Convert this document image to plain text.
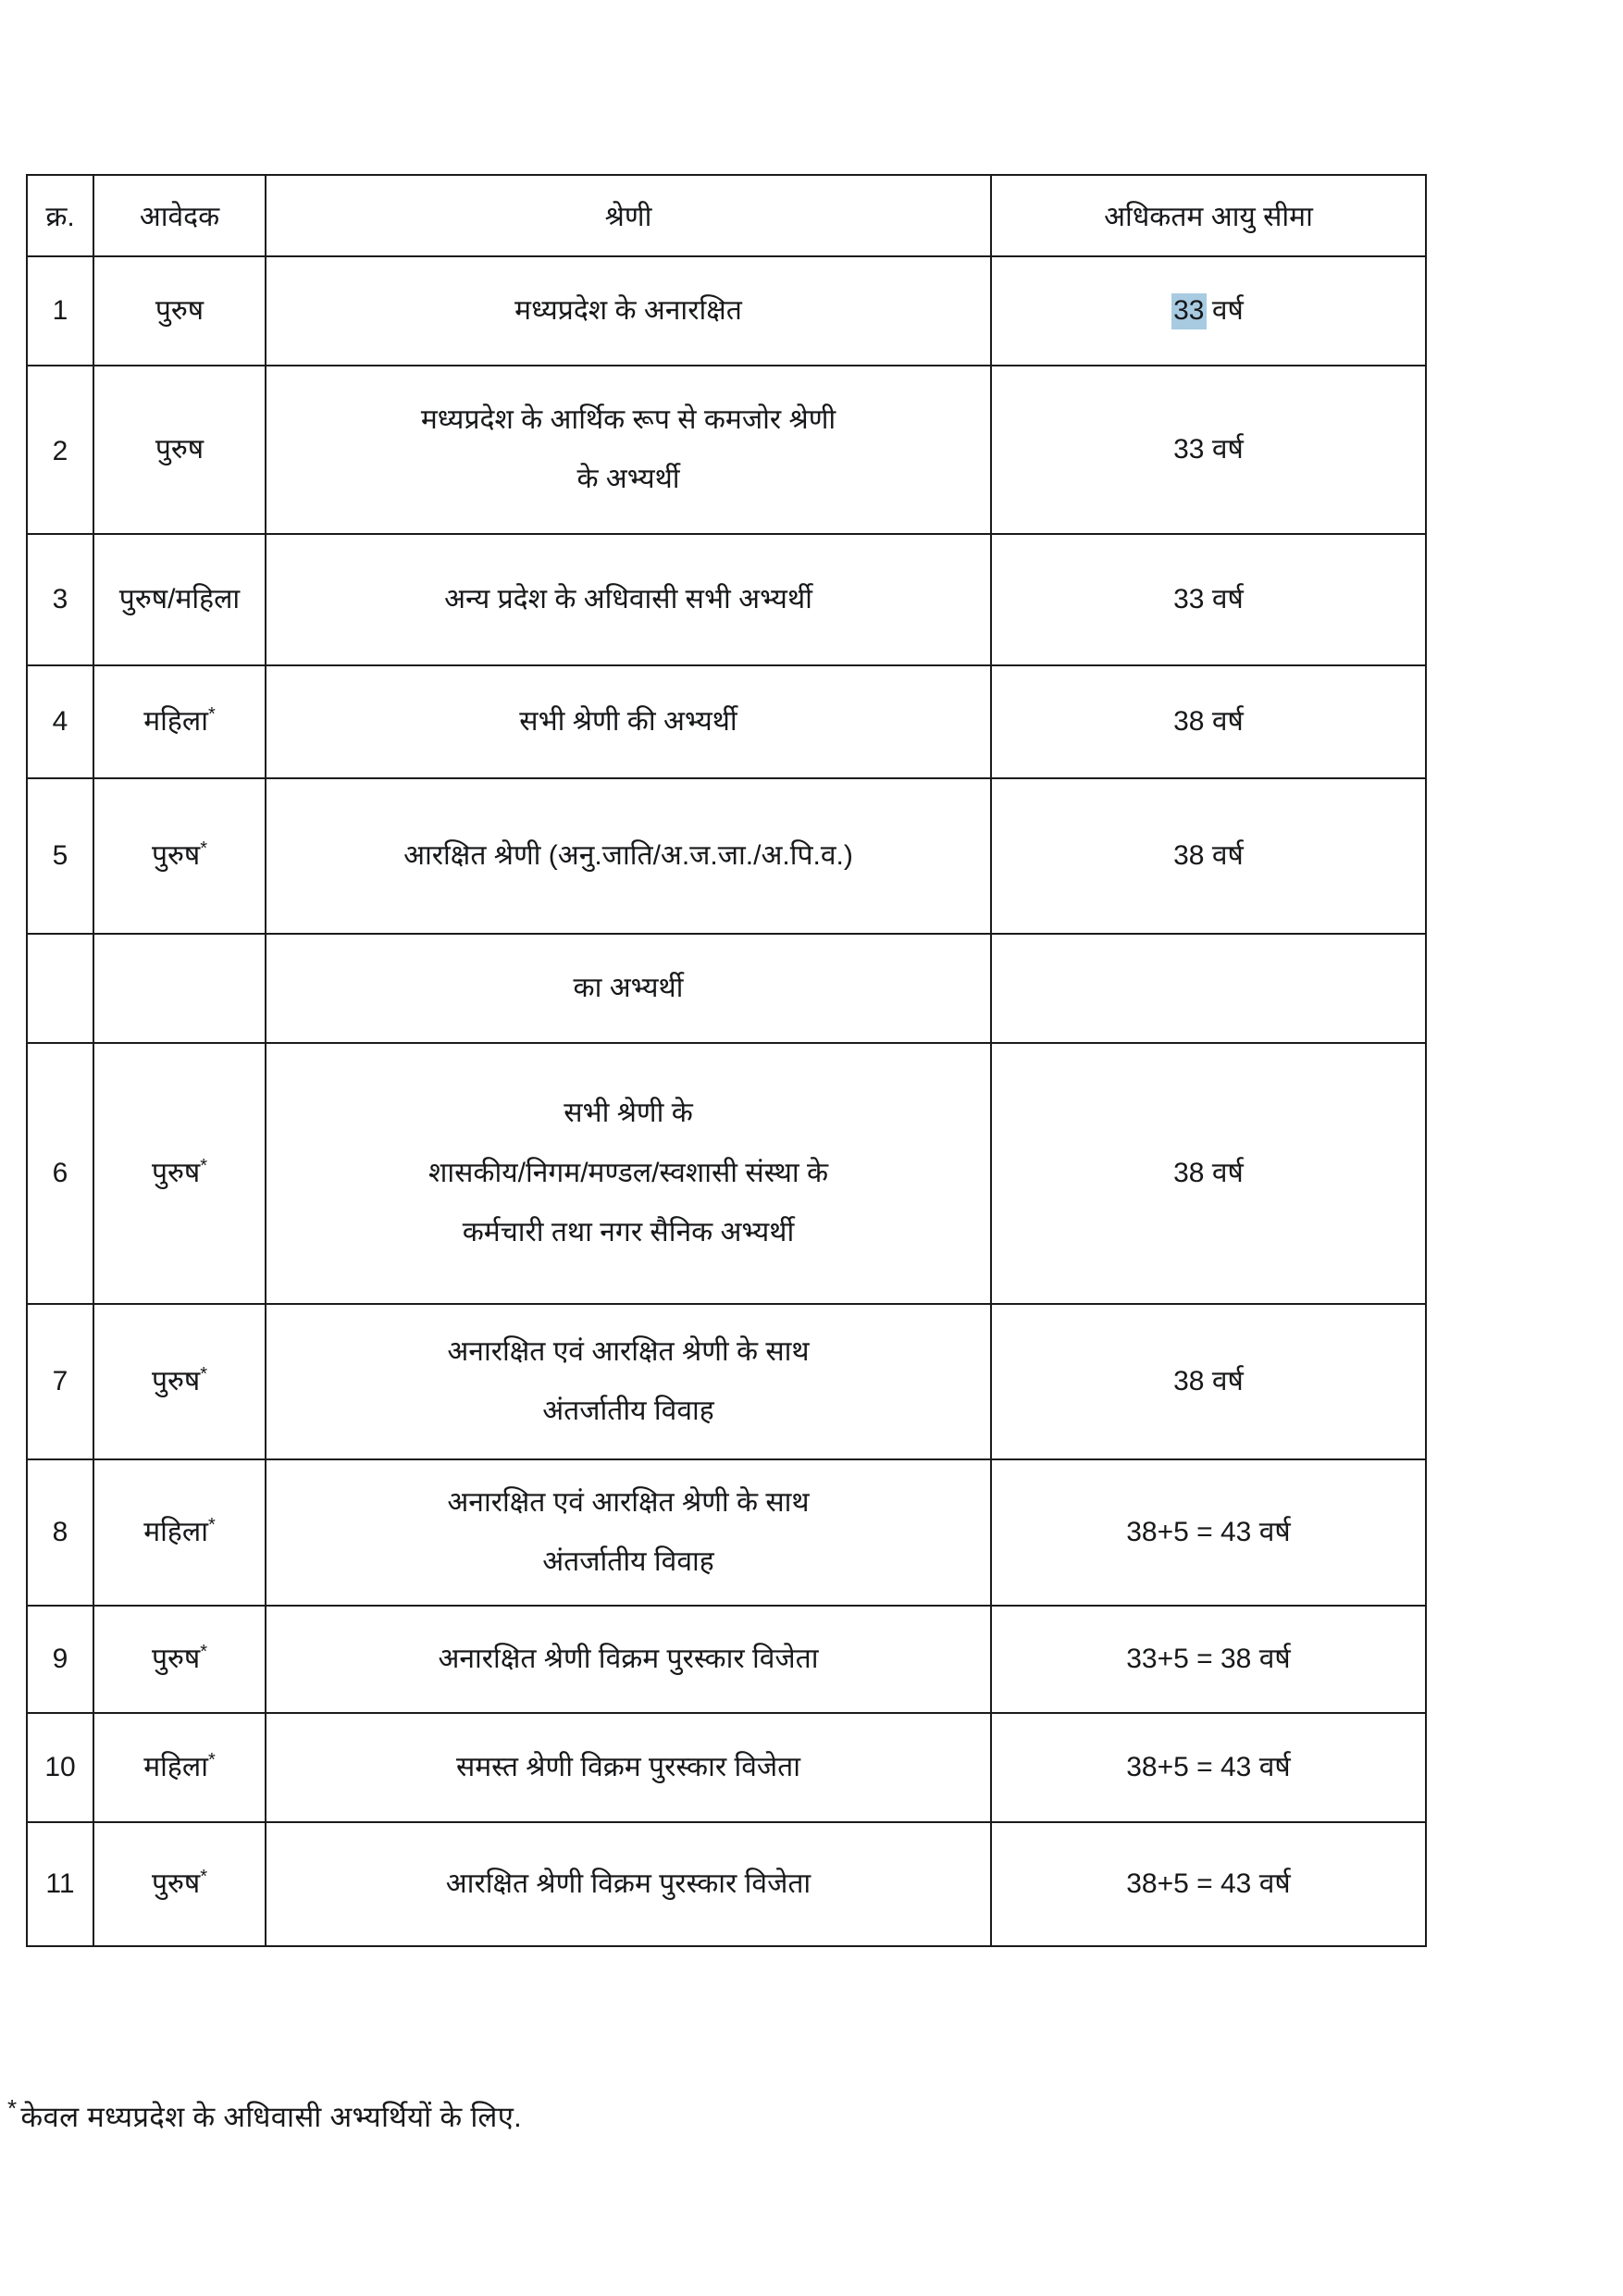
क्र.	आवेदक	श्रेणी	अधिकतम आयु सीमा

1	पुरुष	मध्यप्रदेश के अनारक्षित	33 वर्ष

2	पुरुष	मध्यप्रदेश के आर्थिक रूप से कमजोर श्रेणी
के अभ्यर्थी	33 वर्ष

3	पुरुष/महिला	अन्य प्रदेश के अधिवासी सभी अभ्यर्थी	33 वर्ष

4	महिला*	सभी श्रेणी की अभ्यर्थी	38 वर्ष

5	पुरुष*	आरक्षित श्रेणी (अनु.जाति/अ.ज.जा./अ.पि.व.)	38 वर्ष

		का अभ्यर्थी	

6	पुरुष*	सभी श्रेणी के
शासकीय/निगम/मण्डल/स्वशासी संस्था के
कर्मचारी तथा नगर सैनिक अभ्यर्थी	38 वर्ष

7	पुरुष*	अनारक्षित एवं आरक्षित श्रेणी के साथ
अंतर्जातीय विवाह	38 वर्ष

8	महिला*	अनारक्षित एवं आरक्षित श्रेणी के साथ
अंतर्जातीय विवाह	38+5 = 43 वर्ष

9	पुरुष*	अनारक्षित श्रेणी विक्रम पुरस्कार विजेता	33+5 = 38 वर्ष

10	महिला*	समस्त श्रेणी विक्रम पुरस्कार विजेता	38+5 = 43 वर्ष

11	पुरुष*	आरक्षित श्रेणी विक्रम पुरस्कार विजेता	38+5 = 43 वर्ष
* केवल मध्यप्रदेश के अधिवासी अभ्यर्थियों के लिए.
